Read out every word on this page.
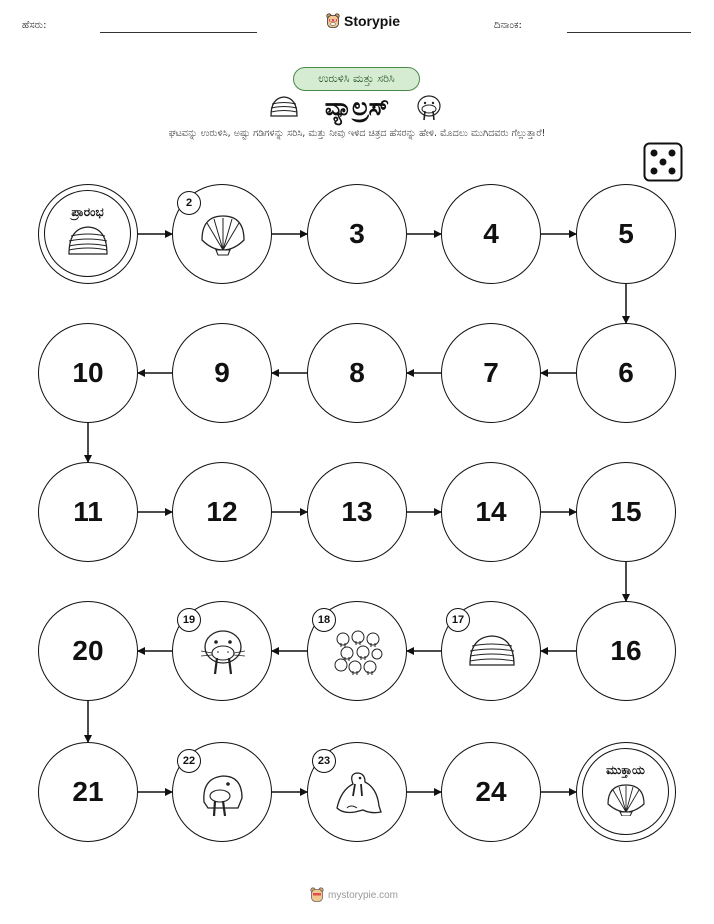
ಹೆಸರು:	Storypie	ದಿನಾಂಕ:
ಉರುಳಿಸಿ ಮತ್ತು ಸರಿಸಿ
ವ್ಯಾಲ್ರಸ್
ಘಟವನ್ನು ಉರುಳಿಸಿ, ಅಷ್ಟು ಗಡಿಗಳನ್ನು ಸರಿಸಿ, ಮತ್ತು ನೀವು ಇಳಿದ ಚಿತ್ರದ ಹೆಸರನ್ನು ಹೇಳಿ. ಮೊದಲು ಮುಗಿದವರು ಗೆಲ್ಲುತ್ತಾರೆ!
ಪ್ರಾರಂಭ
ಮುಕ್ತಾಯ
2
3	4	5
6
7
8
9
10
11	12	13	14	15
16
17
18
19
20
21
22	23
24
mystorypie.com
